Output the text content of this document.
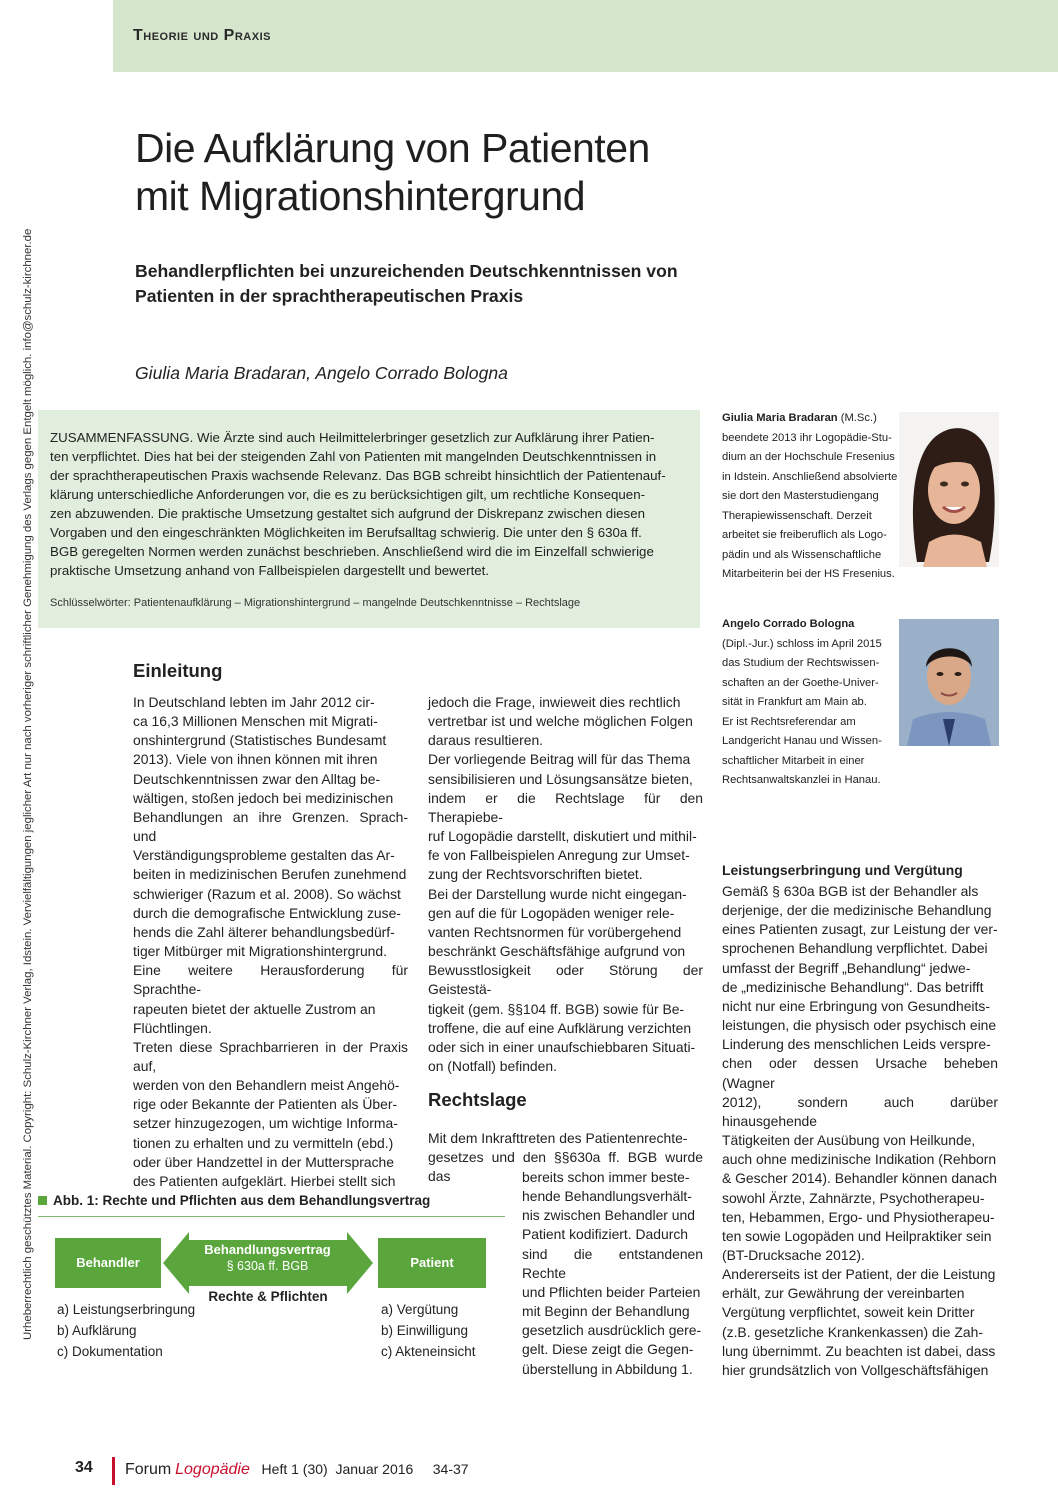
Theorie und Praxis
Urheberrechtlich geschütztes Material. Copyright: Schulz-Kirchner Verlag, Idstein. Vervielfältigungen jeglicher Art nur nach vorheriger schriftlicher Genehmigung des Verlags gegen Entgelt möglich. info@schulz-kirchner.de
Die Aufklärung von Patienten
mit Migrationshintergrund
Behandlerpflichten bei unzureichenden Deutschkenntnissen von
Patienten in der sprachtherapeutischen Praxis
Giulia Maria Bradaran, Angelo Corrado Bologna
ZUSAMMENFASSUNG. Wie Ärzte sind auch Heilmittelerbringer gesetzlich zur Aufklärung ihrer Patien-
ten verpflichtet. Dies hat bei der steigenden Zahl von Patienten mit mangelnden Deutschkenntnissen in
der sprachtherapeutischen Praxis wachsende Relevanz. Das BGB schreibt hinsichtlich der Patientenauf-
klärung unterschiedliche Anforderungen vor, die es zu berücksichtigen gilt, um rechtliche Konsequen-
zen abzuwenden. Die praktische Umsetzung gestaltet sich aufgrund der Diskrepanz zwischen diesen
Vorgaben und den eingeschränkten Möglichkeiten im Berufsalltag schwierig. Die unter den § 630a ff.
BGB geregelten Normen werden zunächst beschrieben. Anschließend wird die im Einzelfall schwierige
praktische Umsetzung anhand von Fallbeispielen dargestellt und bewertet.
Schlüsselwörter: Patientenaufklärung – Migrationshintergrund – mangelnde Deutschkenntnisse – Rechtslage
Giulia Maria Bradaran (M.Sc.)
beendete 2013 ihr Logopädie-Stu-
dium an der Hochschule Fresenius
in Idstein. Anschließend absolvierte
sie dort den Masterstudiengang
Therapiewissenschaft. Derzeit
arbeitet sie freiberuflich als Logo-
pädin und als Wissenschaftliche
Mitarbeiterin bei der HS Fresenius.
Angelo Corrado Bologna
(Dipl.-Jur.) schloss im April 2015
das Studium der Rechtswissen-
schaften an der Goethe-Univer-
sität in Frankfurt am Main ab.
Er ist Rechtsreferendar am
Landgericht Hanau und Wissen-
schaftlicher Mitarbeit in einer
Rechtsanwaltskanzlei in Hanau.
Einleitung

In Deutschland lebten im Jahr 2012 cir-

ca 16,3 Millionen Menschen mit Migrati-

onshintergrund (Statistisches Bundesamt

2013). Viele von ihnen können mit ihren

Deutschkenntnissen zwar den Alltag be-

wältigen, stoßen jedoch bei medizinischen

Behandlungen an ihre Grenzen. Sprach- und

Verständigungsprobleme gestalten das Ar-

beiten in medizinischen Berufen zunehmend

schwieriger (Razum et al. 2008). So wächst

durch die demografische Entwicklung zuse-

hends die Zahl älterer behandlungsbedürf-

tiger Mitbürger mit Migrationshintergrund.

Eine weitere Herausforderung für Sprachthe-

rapeuten bietet der aktuelle Zustrom an

Flüchtlingen.

Treten diese Sprachbarrieren in der Praxis auf,

werden von den Behandlern meist Angehö-

rige oder Bekannte der Patienten als Über-

setzer hinzugezogen, um wichtige Informa-

tionen zu erhalten und zu vermitteln (ebd.)

oder über Handzettel in der Muttersprache

des Patienten aufgeklärt. Hierbei stellt sich

jedoch die Frage, inwieweit dies rechtlich

vertretbar ist und welche möglichen Folgen

daraus resultieren.

Der vorliegende Beitrag will für das Thema

sensibilisieren und Lösungsansätze bieten,

indem er die Rechtslage für den Therapiebe-

ruf Logopädie darstellt, diskutiert und mithil-

fe von Fallbeispielen Anregung zur Umset-

zung der Rechtsvorschriften bietet.

Bei der Darstellung wurde nicht eingegan-

gen auf die für Logopäden weniger rele-

vanten Rechtsnormen für vorübergehend

beschränkt Geschäftsfähige aufgrund von

Bewusstlosigkeit oder Störung der Geistestä-

tigkeit (gem. §§104 ff. BGB) sowie für Be-

troffene, die auf eine Aufklärung verzichten

oder sich in einer unaufschiebbaren Situati-

on (Notfall) befinden.

Rechtslage

Mit dem Inkrafttreten des Patientenrechte-

gesetzes und den §§630a ff. BGB wurde das	bereits schon immer beste-

hende Behandlungsverhält-

nis zwischen Behandler und

Patient kodifiziert. Dadurch

sind die entstandenen Rechte

und Pflichten beider Parteien

mit Beginn der Behandlung

gesetzlich ausdrücklich gere-

gelt. Diese zeigt die Gegen-

überstellung in Abbildung 1.

Leistungserbringung und Vergütung

Gemäß § 630a BGB ist der Behandler als

derjenige, der die medizinische Behandlung

eines Patienten zusagt, zur Leistung der ver-

sprochenen Behandlung verpflichtet. Dabei

umfasst der Begriff „Behandlung“ jedwe-

de „medizinische Behandlung“. Das betrifft

nicht nur eine Erbringung von Gesundheits-

leistungen, die physisch oder psychisch eine

Linderung des menschlichen Leids verspre-

chen oder dessen Ursache beheben (Wagner

2012), sondern auch darüber hinausgehende

Tätigkeiten der Ausübung von Heilkunde,

auch ohne medizinische Indikation (Rehborn

& Gescher 2014). Behandler können danach

sowohl Ärzte, Zahnärzte, Psychotherapeu-

ten, Hebammen, Ergo- und Physiotherapeu-

ten sowie Logopäden und Heilpraktiker sein

(BT-Drucksache 2012).

Andererseits ist der Patient, der die Leistung

erhält, zur Gewährung der vereinbarten

Vergütung verpflichtet, soweit kein Dritter

(z.B. gesetzliche Krankenkassen) die Zah-

lung übernimmt. Zu beachten ist dabei, dass

hier grundsätzlich von Vollgeschäftsfähigen

Abb. 1: Rechte und Pflichten aus dem Behandlungsvertrag
Behandler
Behandlungsvertrag
§ 630a ff. BGB	Patient
Rechte & Pflichten
a) Leistungserbringung
b) Aufklärung
c) Dokumentation
a) Vergütung
b) Einwilligung
c) Akteneinsicht
34 Forum Logopädie Heft 1 (30) Januar 2016 34-37
